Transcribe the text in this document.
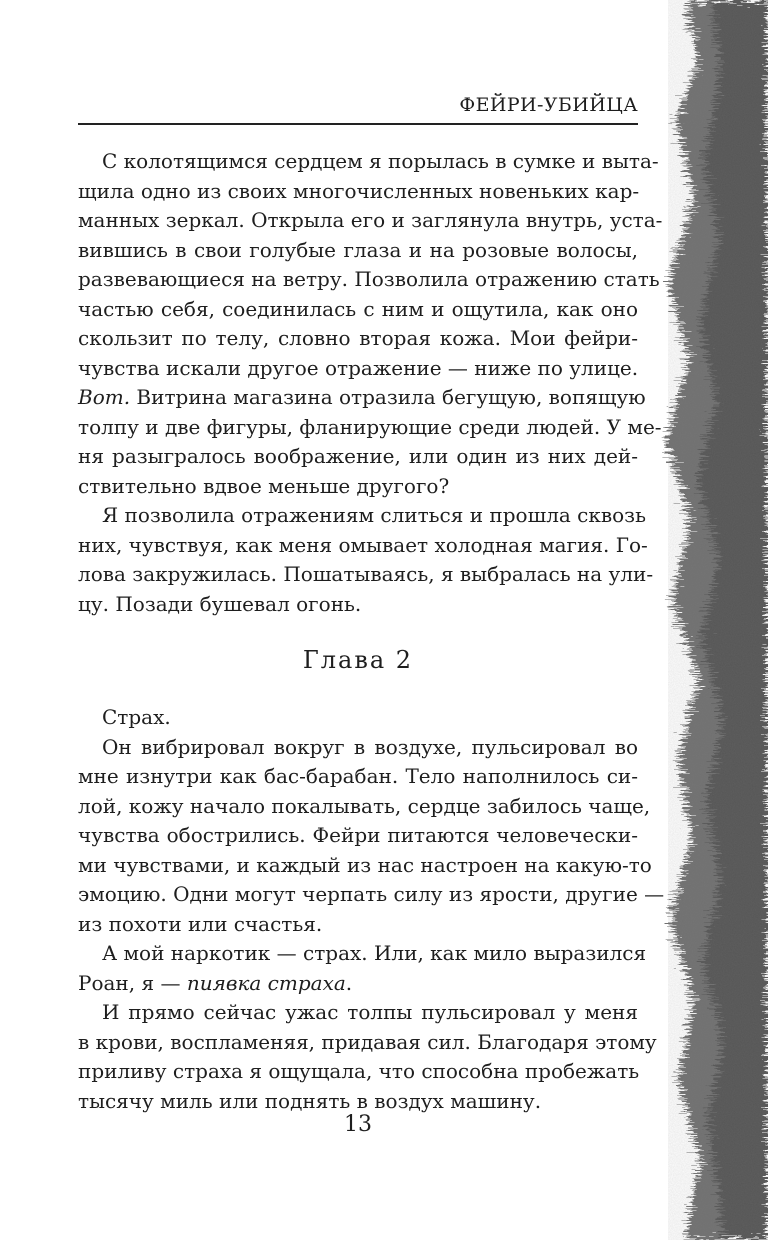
ФЕЙРИ-УБИЙЦА
С колотящимся сердцем я порылась в сумке и выта-
щила одно из своих многочисленных новеньких кар-
манных зеркал. Открыла его и заглянула внутрь, уста-
вившись в свои голубые глаза и на розовые волосы,
развевающиеся на ветру. Позволила отражению стать
частью себя, соединилась с ним и ощутила, как оно
скользит по телу, словно вторая кожа. Мои фейри-
чувства искали другое отражение — ниже по улице.
Вот. Витрина магазина отразила бегущую, вопящую
толпу и две фигуры, фланирующие среди людей. У ме-
ня разыгралось воображение, или один из них дей-
ствительно вдвое меньше другого?
Я позволила отражениям слиться и прошла сквозь
них, чувствуя, как меня омывает холодная магия. Го-
лова закружилась. Пошатываясь, я выбралась на ули-
цу. Позади бушевал огонь.
Глава 2
Страх.
Он вибрировал вокруг в воздухе, пульсировал во
мне изнутри как бас-барабан. Тело наполнилось си-
лой, кожу начало покалывать, сердце забилось чаще,
чувства обострились. Фейри питаются человечески-
ми чувствами, и каждый из нас настроен на какую-то
эмоцию. Одни могут черпать силу из ярости, другие —
из похоти или счастья.
А мой наркотик — страх. Или, как мило выразился
Роан, я — пиявка страха.
И прямо сейчас ужас толпы пульсировал у меня
в крови, воспламеняя, придавая сил. Благодаря этому
приливу страха я ощущала, что способна пробежать
тысячу миль или поднять в воздух машину.
13
